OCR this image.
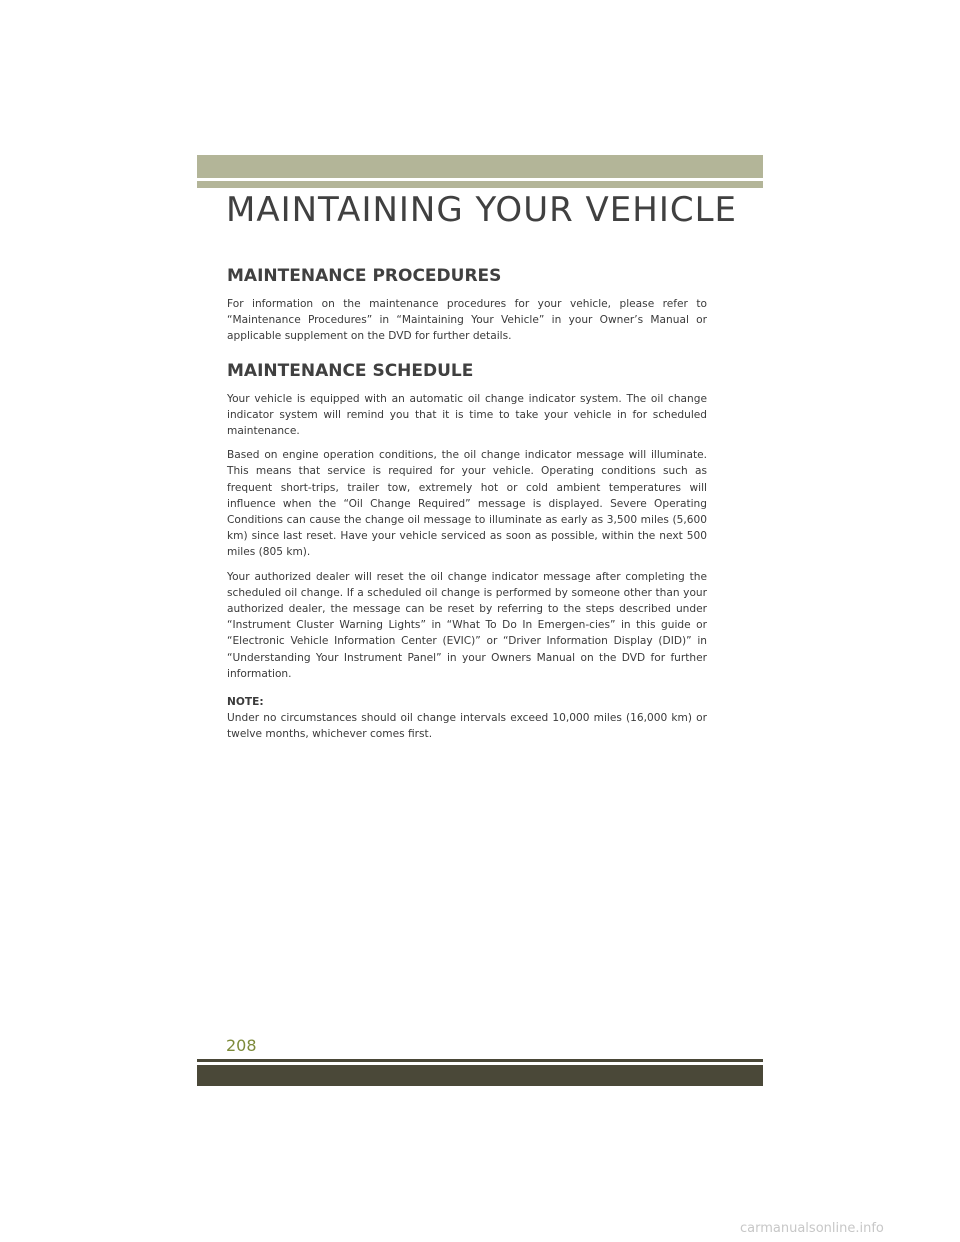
MAINTAINING YOUR VEHICLE
MAINTENANCE PROCEDURES

For information on the maintenance procedures for your vehicle, please refer to “Maintenance Procedures” in “Maintaining Your Vehicle” in your Owner’s Manual or applicable supplement on the DVD for further details.

MAINTENANCE SCHEDULE

Your vehicle is equipped with an automatic oil change indicator system. The oil change indicator system will remind you that it is time to take your vehicle in for scheduled maintenance.

Based on engine operation conditions, the oil change indicator message will illuminate. This means that service is required for your vehicle. Operating conditions such as frequent short-trips, trailer tow, extremely hot or cold ambient temperatures will influence when the “Oil Change Required” message is displayed. Severe Operating Conditions can cause the change oil message to illuminate as early as 3,500 miles (5,600 km) since last reset. Have your vehicle serviced as soon as possible, within the next 500 miles (805 km).

Your authorized dealer will reset the oil change indicator message after completing the scheduled oil change. If a scheduled oil change is performed by someone other than your authorized dealer, the message can be reset by referring to the steps described under “Instrument Cluster Warning Lights” in “What To Do In Emergen-cies” in this guide or “Electronic Vehicle Information Center (EVIC)” or “Driver Information Display (DID)” in “Understanding Your Instrument Panel” in your Owners Manual on the DVD for further information.

NOTE:

Under no circumstances should oil change intervals exceed 10,000 miles (16,000 km) or twelve months, whichever comes first.

208
carmanualsonline.info
